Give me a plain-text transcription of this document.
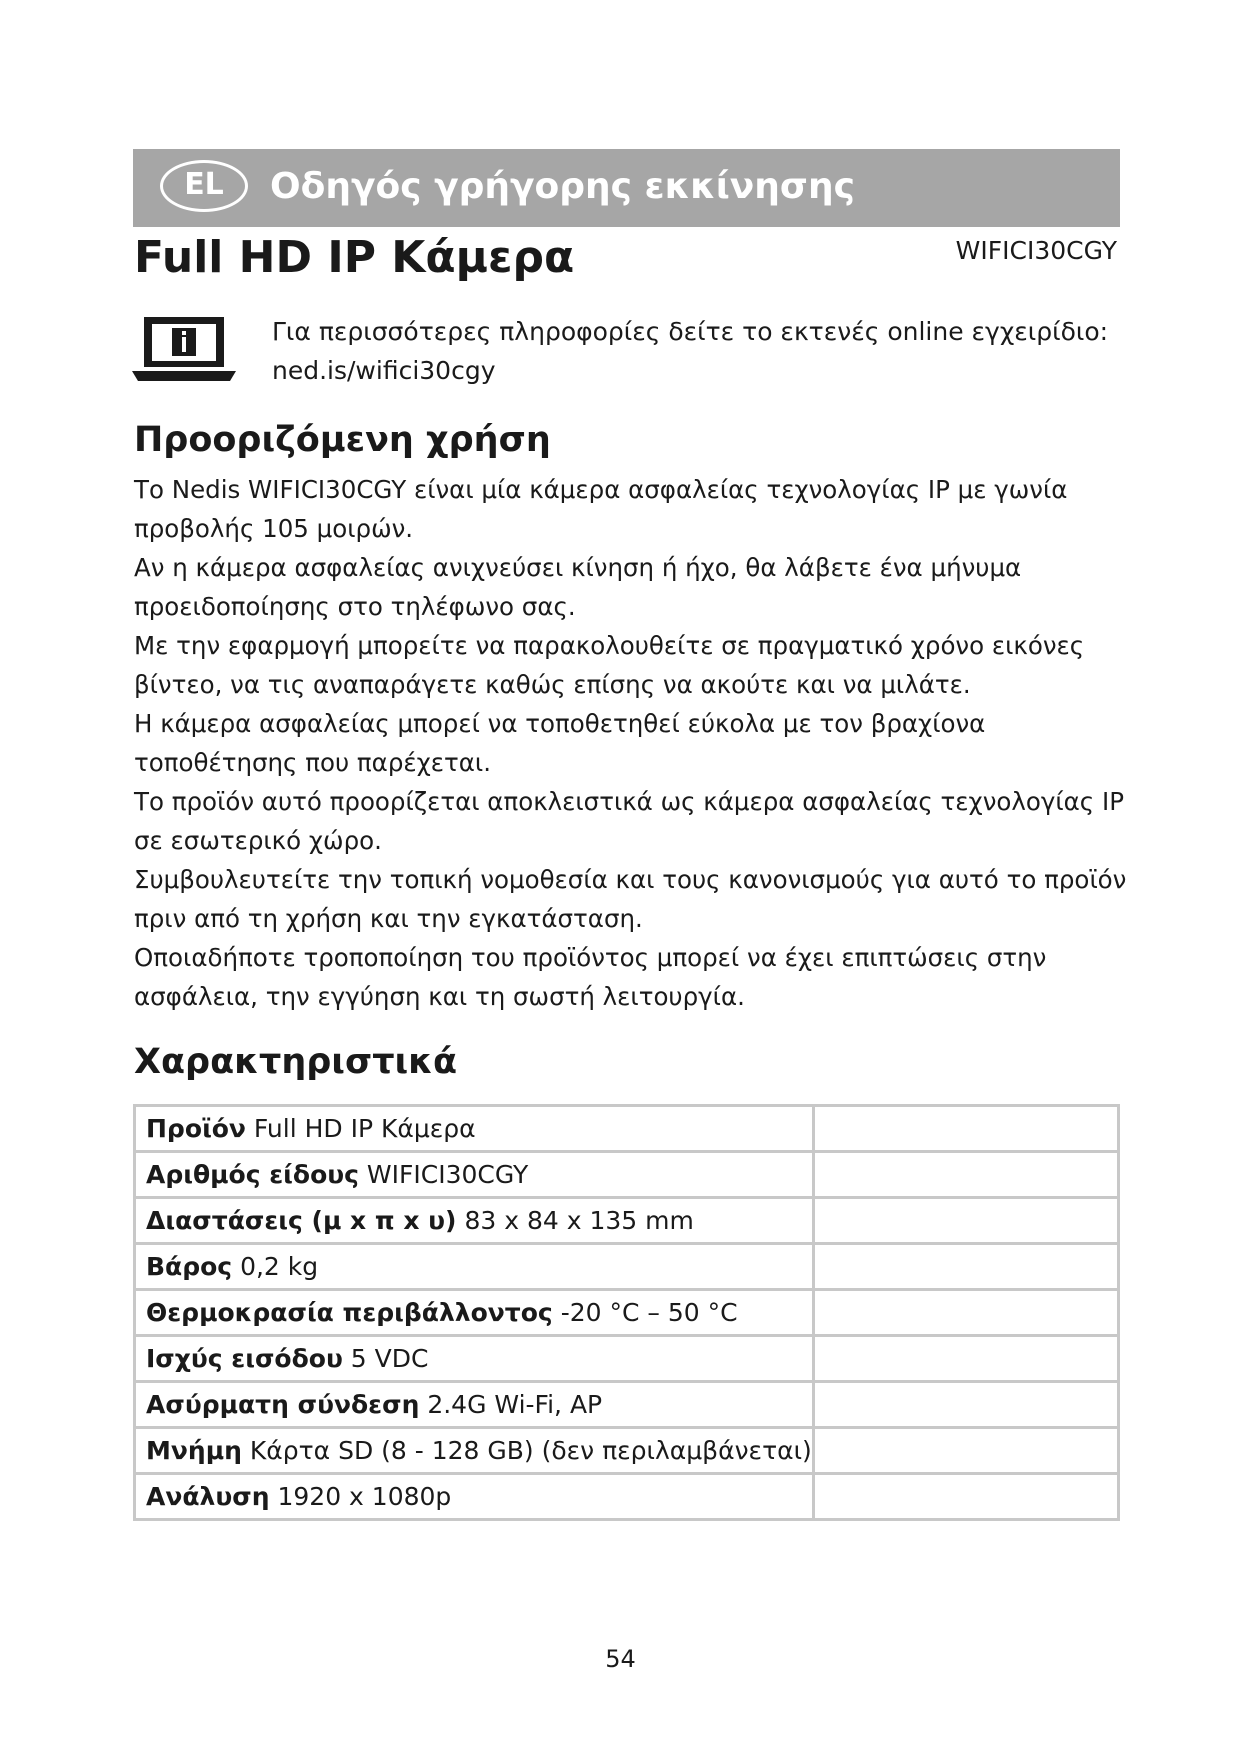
EL	Οδηγός γρήγορης εκκίνησης
Full HD IP Κάμερα	WIFICI30CGY
Για περισσότερες πληροφορίες δείτε το εκτενές online εγχειρίδιο:
ned.is/wifici30cgy
Προοριζόμενη χρήση

Το Nedis WIFICI30CGY είναι μία κάμερα ασφαλείας τεχνολογίας IP με γωνία

προβολής 105 μοιρών.

Αν η κάμερα ασφαλείας ανιχνεύσει κίνηση ή ήχο, θα λάβετε ένα μήνυμα

προειδοποίησης στο τηλέφωνο σας.

Με την εφαρμογή μπορείτε να παρακολουθείτε σε πραγματικό χρόνο εικόνες

βίντεο, να τις αναπαράγετε καθώς επίσης να ακούτε και να μιλάτε.

Η κάμερα ασφαλείας μπορεί να τοποθετηθεί εύκολα με τον βραχίονα

τοποθέτησης που παρέχεται.

Το προϊόν αυτό προορίζεται αποκλειστικά ως κάμερα ασφαλείας τεχνολογίας IP

σε εσωτερικό χώρο.

Συμβουλευτείτε την τοπική νομοθεσία και τους κανονισμούς για αυτό το προϊόν

πριν από τη χρήση και την εγκατάσταση.

Οποιαδήποτε τροποποίηση του προϊόντος μπορεί να έχει επιπτώσεις στην

ασφάλεια, την εγγύηση και τη σωστή λειτουργία.

Χαρακτηριστικά
Προϊόν Full HD IP Κάμερα	

Αριθμός είδους WIFICI30CGY	

Διαστάσεις (μ x π x υ) 83 x 84 x 135 mm	

Βάρος 0,2 kg	

Θερμοκρασία περιβάλλοντος -20 °C – 50 °C	

Ισχύς εισόδου 5 VDC	

Ασύρματη σύνδεση 2.4G Wi-Fi, AP	

Μνήμη Κάρτα SD (8 - 128 GB) (δεν περιλαμβάνεται)	

Ανάλυση 1920 x 1080p	

54
